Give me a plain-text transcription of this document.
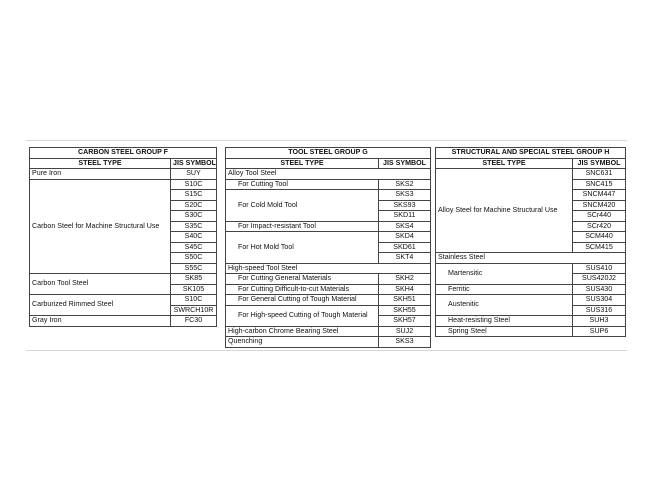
CARBON STEEL GROUP F	
STEEL TYPE	JIS SYMBOL
Pure Iron	SUY
Carbon Steel for Machine Structural Use	S10C
	S15C
	S20C
	S30C
	S35C
	S40C
	S45C
	S50C
	S55C
Carbon Tool Steel	SK85
	SK105
Carburized Rimmed Steel	S10C
	SWRCH10R
Gray Iron	FC30
TOOL STEEL GROUP G	
STEEL TYPE	JIS SYMBOL
Alloy Tool Steel	
For Cutting Tool	SKS2
For Cold Mold Tool	SKS3
	SKS93
	SKD11
For Impact-resistant Tool	SKS4
For Hot Mold Tool	SKD4
	SKD61
	SKT4
High-speed Tool Steel	
For Cutting General Materials	SKH2
For Cutting Difficult-to-cut Materials	SKH4
For General Cutting of Tough Material	SKH51
For High-speed Cutting of Tough Material	SKH55
	SKH57
High-carbon Chrome Bearing Steel	SUJ2
Quenching	SKS3
STRUCTURAL AND SPECIAL STEEL GROUP H	
STEEL TYPE	JIS SYMBOL
Alloy Steel for Machine Structural Use	SNC631
	SNC415
	SNCM447
	SNCM420
	SCr440
	SCr420
	SCM440
	SCM415
Stainless Steel	
Martensitic	SUS410
	SUS420J2
Ferritic	SUS430
Austenitic	SUS304
	SUS316
Heat-resisting Steel	SUH3
Spring Steel	SUP6
